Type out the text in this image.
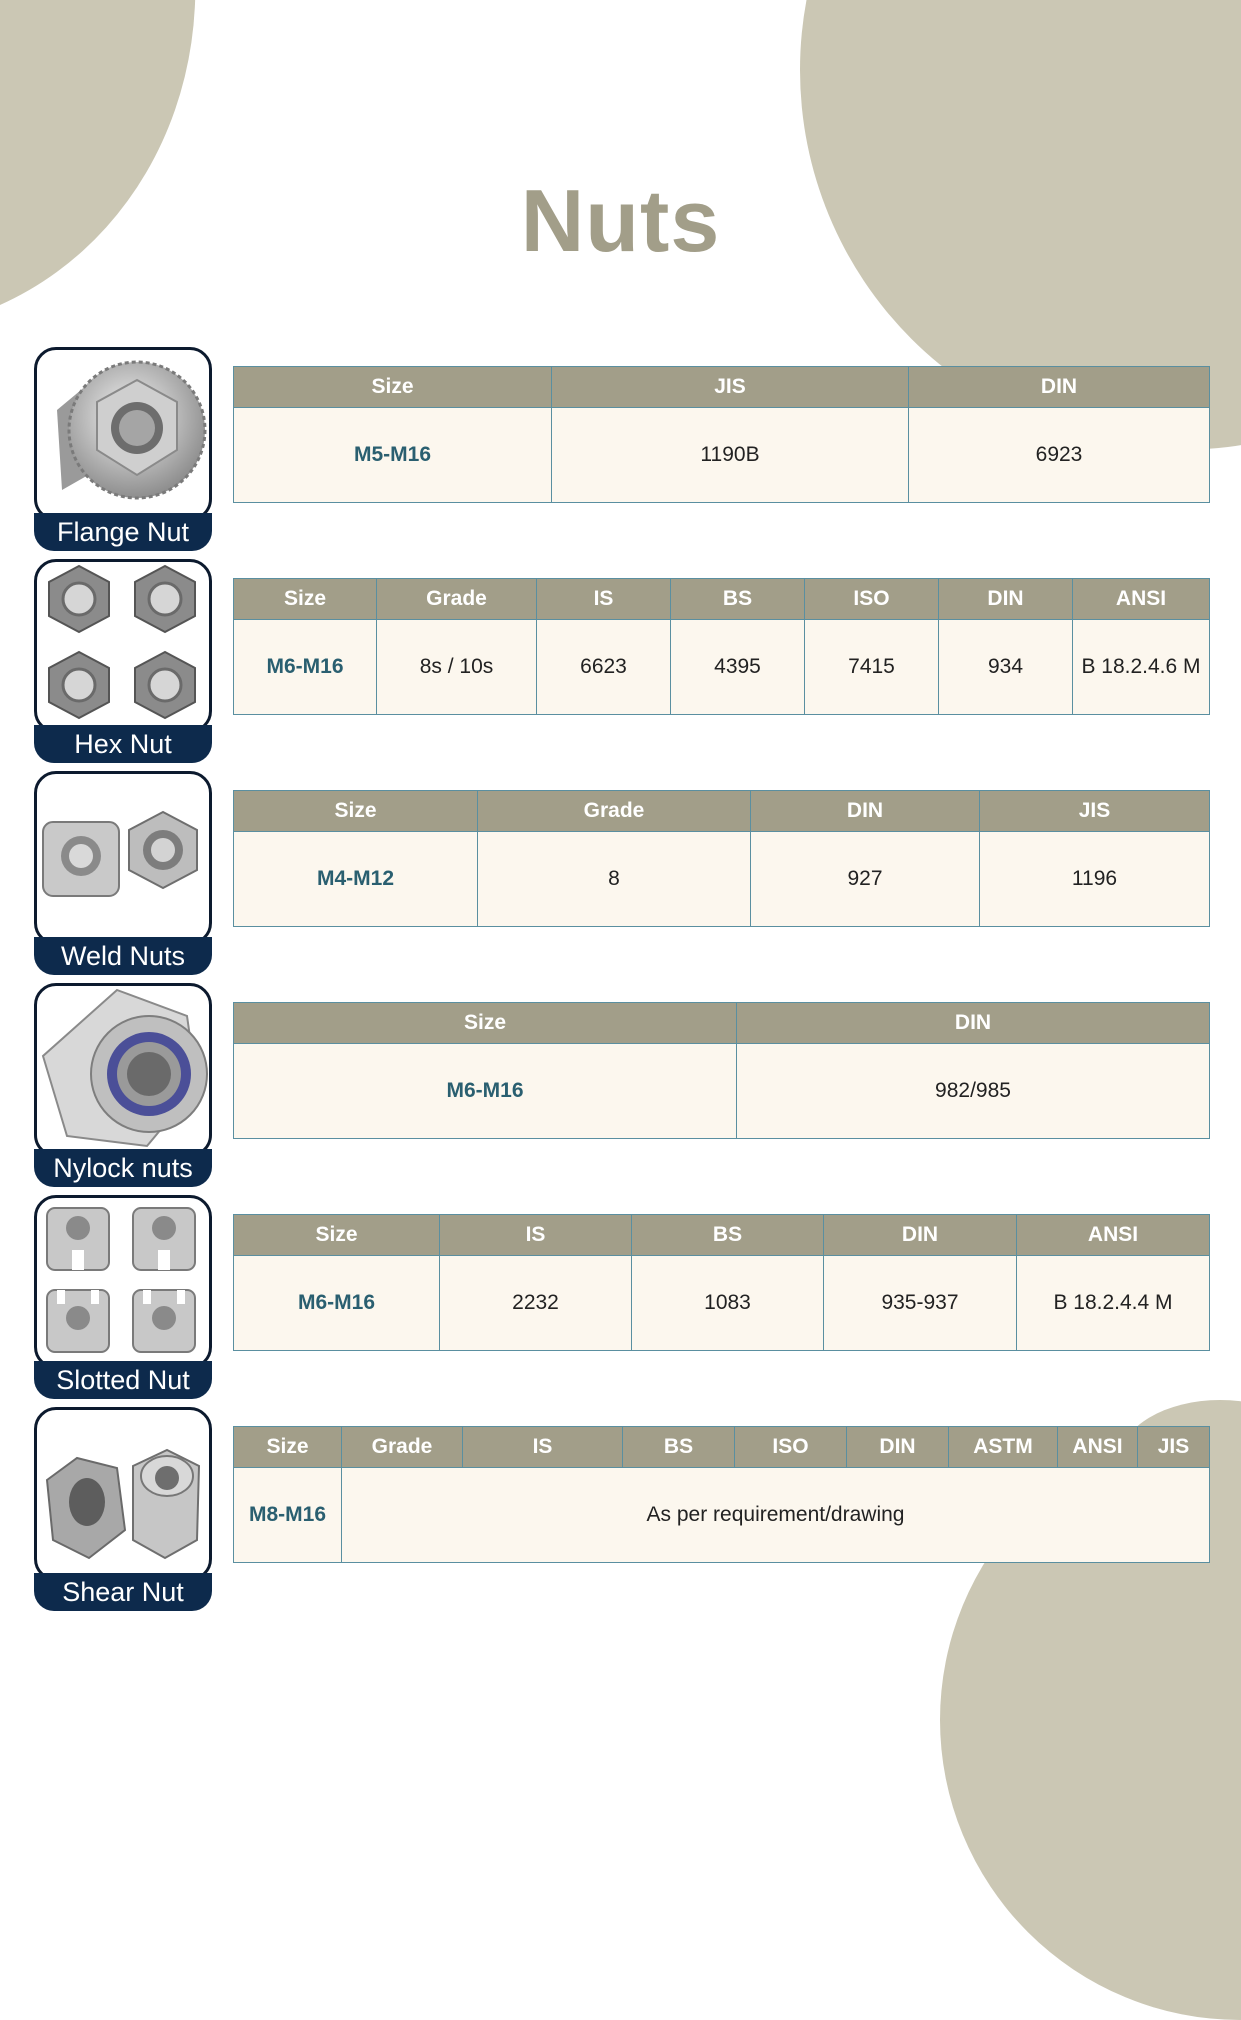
Nuts
Flange Nut
Size	JIS	DIN
M5-M16	1190B	6923
Hex Nut
Size	Grade	IS	BS	ISO	DIN	ANSI
M6-M16	8s / 10s	6623	4395	7415	934	B 18.2.4.6 M
Weld Nuts
Size	Grade	DIN	JIS
M4-M12	8	927	1196
Nylock nuts
Size	DIN
M6-M16	982/985
Slotted Nut
Size	IS	BS	DIN	ANSI
M6-M16	2232	1083	935-937	B 18.2.4.4 M
Shear Nut
Size	Grade	IS	BS	ISO	DIN	ASTM	ANSI	JIS
M8-M16	As per requirement/drawing							
